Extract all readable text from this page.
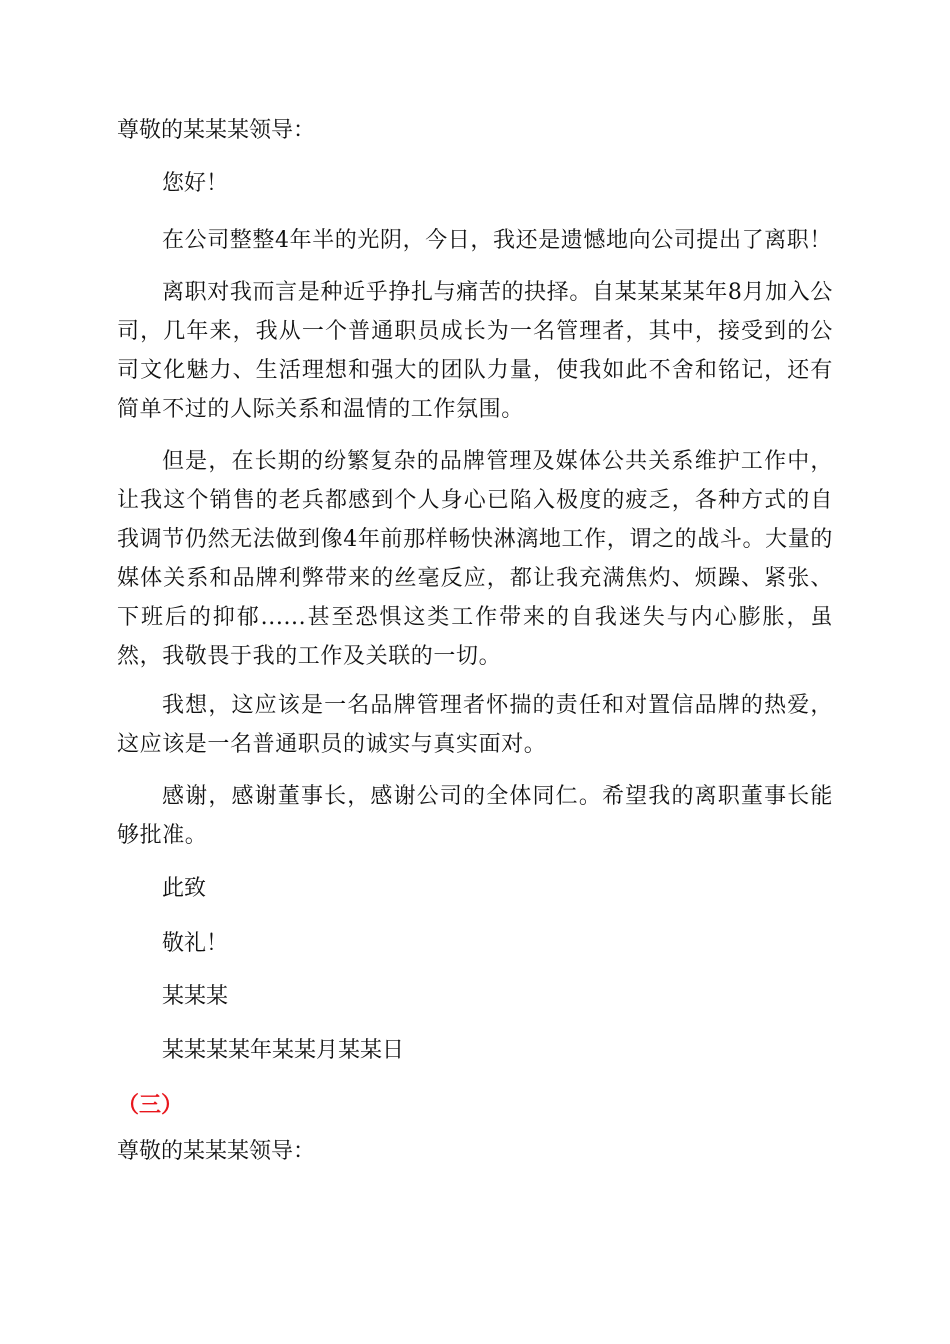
尊敬的某某某领导：
您好！
在公司整整4年半的光阴，今日，我还是遗憾地向公司提出了离职！
离职对我而言是种近乎挣扎与痛苦的抉择。自某某某某年8月加入公司，几年来，我从一个普通职员成长为一名管理者，其中，接受到的公司文化魅力、生活理想和强大的团队力量，使我如此不舍和铭记，还有简单不过的人际关系和温情的工作氛围。
但是，在长期的纷繁复杂的品牌管理及媒体公共关系维护工作中，让我这个销售的老兵都感到个人身心已陷入极度的疲乏，各种方式的自我调节仍然无法做到像4年前那样畅快淋漓地工作，谓之的战斗。大量的媒体关系和品牌利弊带来的丝毫反应，都让我充满焦灼、烦躁、紧张、下班后的抑郁......甚至恐惧这类工作带来的自我迷失与内心膨胀，虽然，我敬畏于我的工作及关联的一切。
我想，这应该是一名品牌管理者怀揣的责任和对置信品牌的热爱，这应该是一名普通职员的诚实与真实面对。
感谢，感谢董事长，感谢公司的全体同仁。希望我的离职董事长能够批准。
此致
敬礼！
某某某
某某某某年某某月某某日
（三）
尊敬的某某某领导：
